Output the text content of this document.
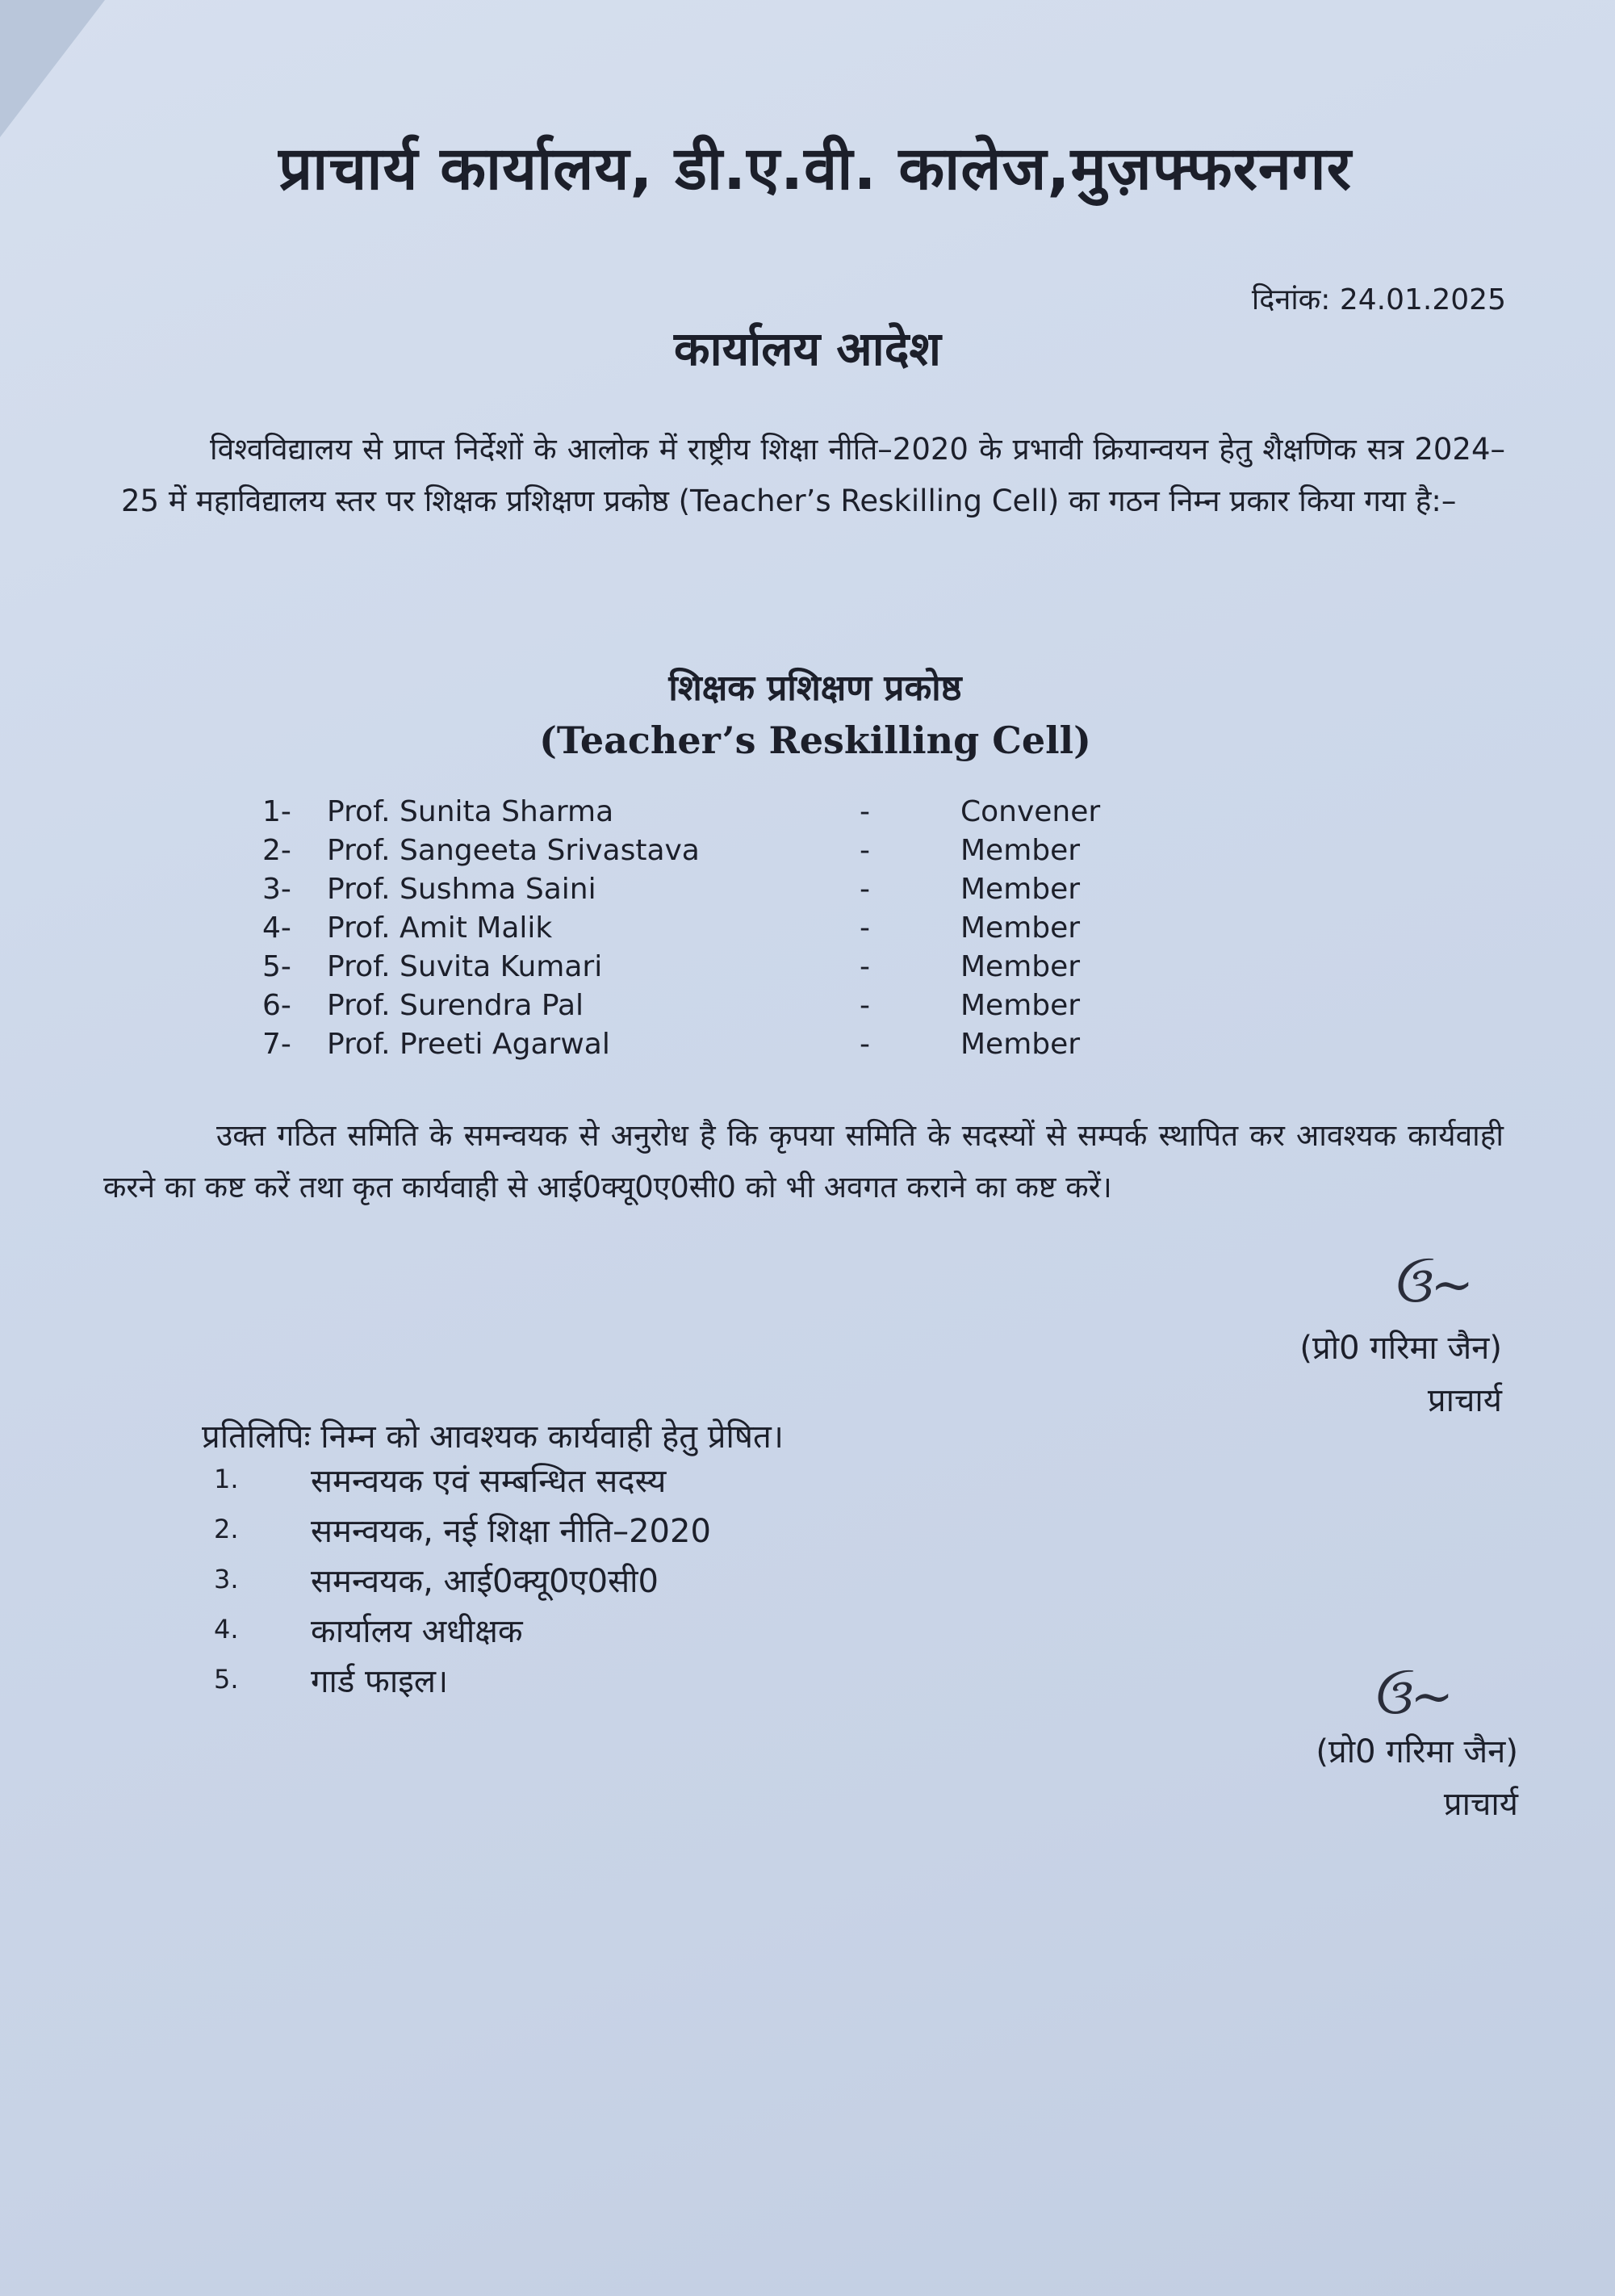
प्राचार्य कार्यालय, डी.ए.वी. कालेज,मुज़फ्फरनगर
दिनांक: 24.01.2025
कार्यालय आदेश
विश्वविद्यालय से प्राप्त निर्देशों के आलोक में राष्ट्रीय शिक्षा नीति–2020 के प्रभावी क्रियान्वयन हेतु शैक्षणिक सत्र 2024–25 में महाविद्यालय स्तर पर शिक्षक प्रशिक्षण प्रकोष्ठ (Teacher’s Reskilling Cell) का गठन निम्न प्रकार किया गया है:–
शिक्षक प्रशिक्षण प्रकोष्ठ
(Teacher’s Reskilling Cell)
1-	Prof. Sunita Sharma	-	Convener
2-	Prof. Sangeeta Srivastava	-	Member
3-	Prof. Sushma Saini	-	Member
4-	Prof. Amit Malik	-	Member
5-	Prof. Suvita Kumari	-	Member
6-	Prof. Surendra Pal	-	Member
7-	Prof. Preeti Agarwal	-	Member
उक्त गठित समिति के समन्वयक से अनुरोध है कि कृपया समिति के सदस्यों से सम्पर्क स्थापित कर आवश्यक कार्यवाही करने का कष्ट करें तथा कृत कार्यवाही से आई0क्यू0ए0सी0 को भी अवगत कराने का कष्ट करें।
ઉ~
(प्रो0 गरिमा जैन)
प्राचार्य
प्रतिलिपिः निम्न को आवश्यक कार्यवाही हेतु प्रेषित।
1. समन्वयक एवं सम्बन्धित सदस्य
2. समन्वयक, नई शिक्षा नीति–2020
3. समन्वयक, आई0क्यू0ए0सी0
4. कार्यालय अधीक्षक
5. गार्ड फाइल।	ઉ~
(प्रो0 गरिमा जैन)
प्राचार्य
